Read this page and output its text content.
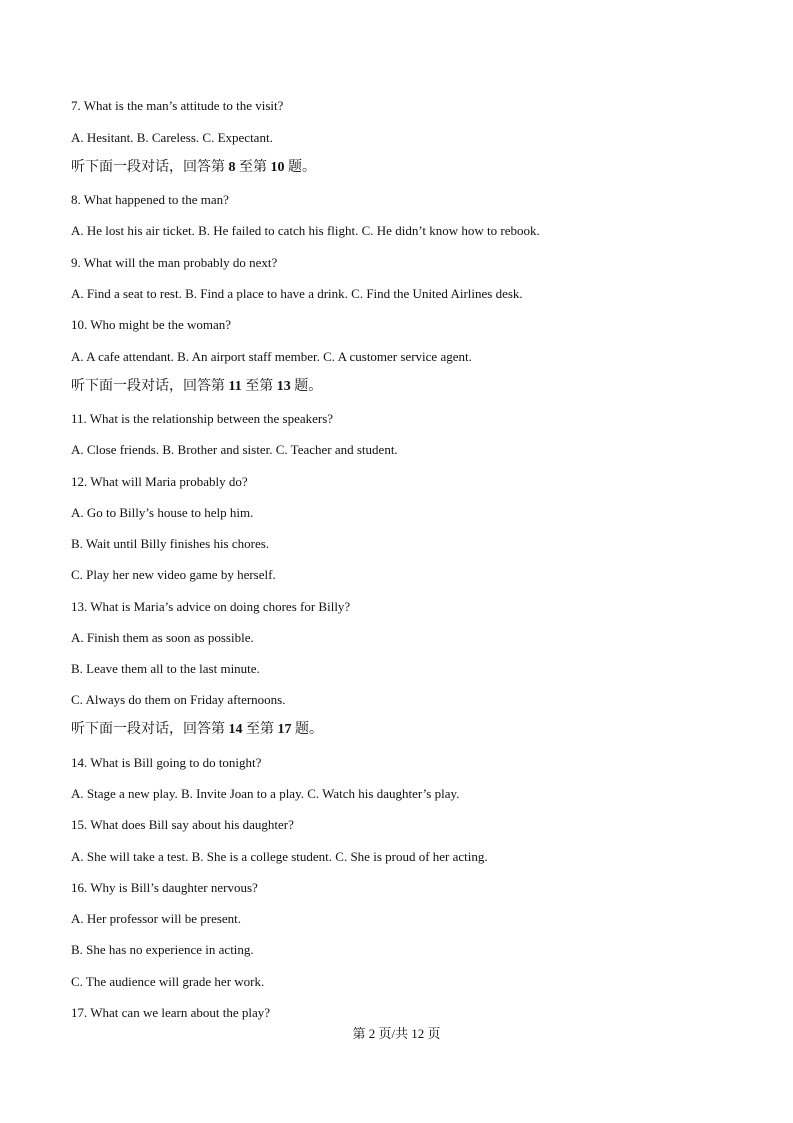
7. What is the man’s attitude to the visit?
A. Hesitant. B. Careless. C. Expectant.
听下面一段对话，回答第 8 至第 10 题。
8. What happened to the man?
A. He lost his air ticket. B. He failed to catch his flight. C. He didn’t know how to rebook.
9. What will the man probably do next?
A. Find a seat to rest. B. Find a place to have a drink. C. Find the United Airlines desk.
10. Who might be the woman?
A. A cafe attendant. B. An airport staff member. C. A customer service agent.
听下面一段对话，回答第 11 至第 13 题。
11. What is the relationship between the speakers?
A. Close friends. B. Brother and sister. C. Teacher and student.
12. What will Maria probably do?
A. Go to Billy’s house to help him.
B. Wait until Billy finishes his chores.
C. Play her new video game by herself.
13. What is Maria’s advice on doing chores for Billy?
A. Finish them as soon as possible.
B. Leave them all to the last minute.
C. Always do them on Friday afternoons.
听下面一段对话，回答第 14 至第 17 题。
14. What is Bill going to do tonight?
A. Stage a new play. B. Invite Joan to a play. C. Watch his daughter’s play.
15. What does Bill say about his daughter?
A. She will take a test. B. She is a college student. C. She is proud of her acting.
16. Why is Bill’s daughter nervous?
A. Her professor will be present.
B. She has no experience in acting.
C. The audience will grade her work.
17. What can we learn about the play?
第 2 页/共 12 页
